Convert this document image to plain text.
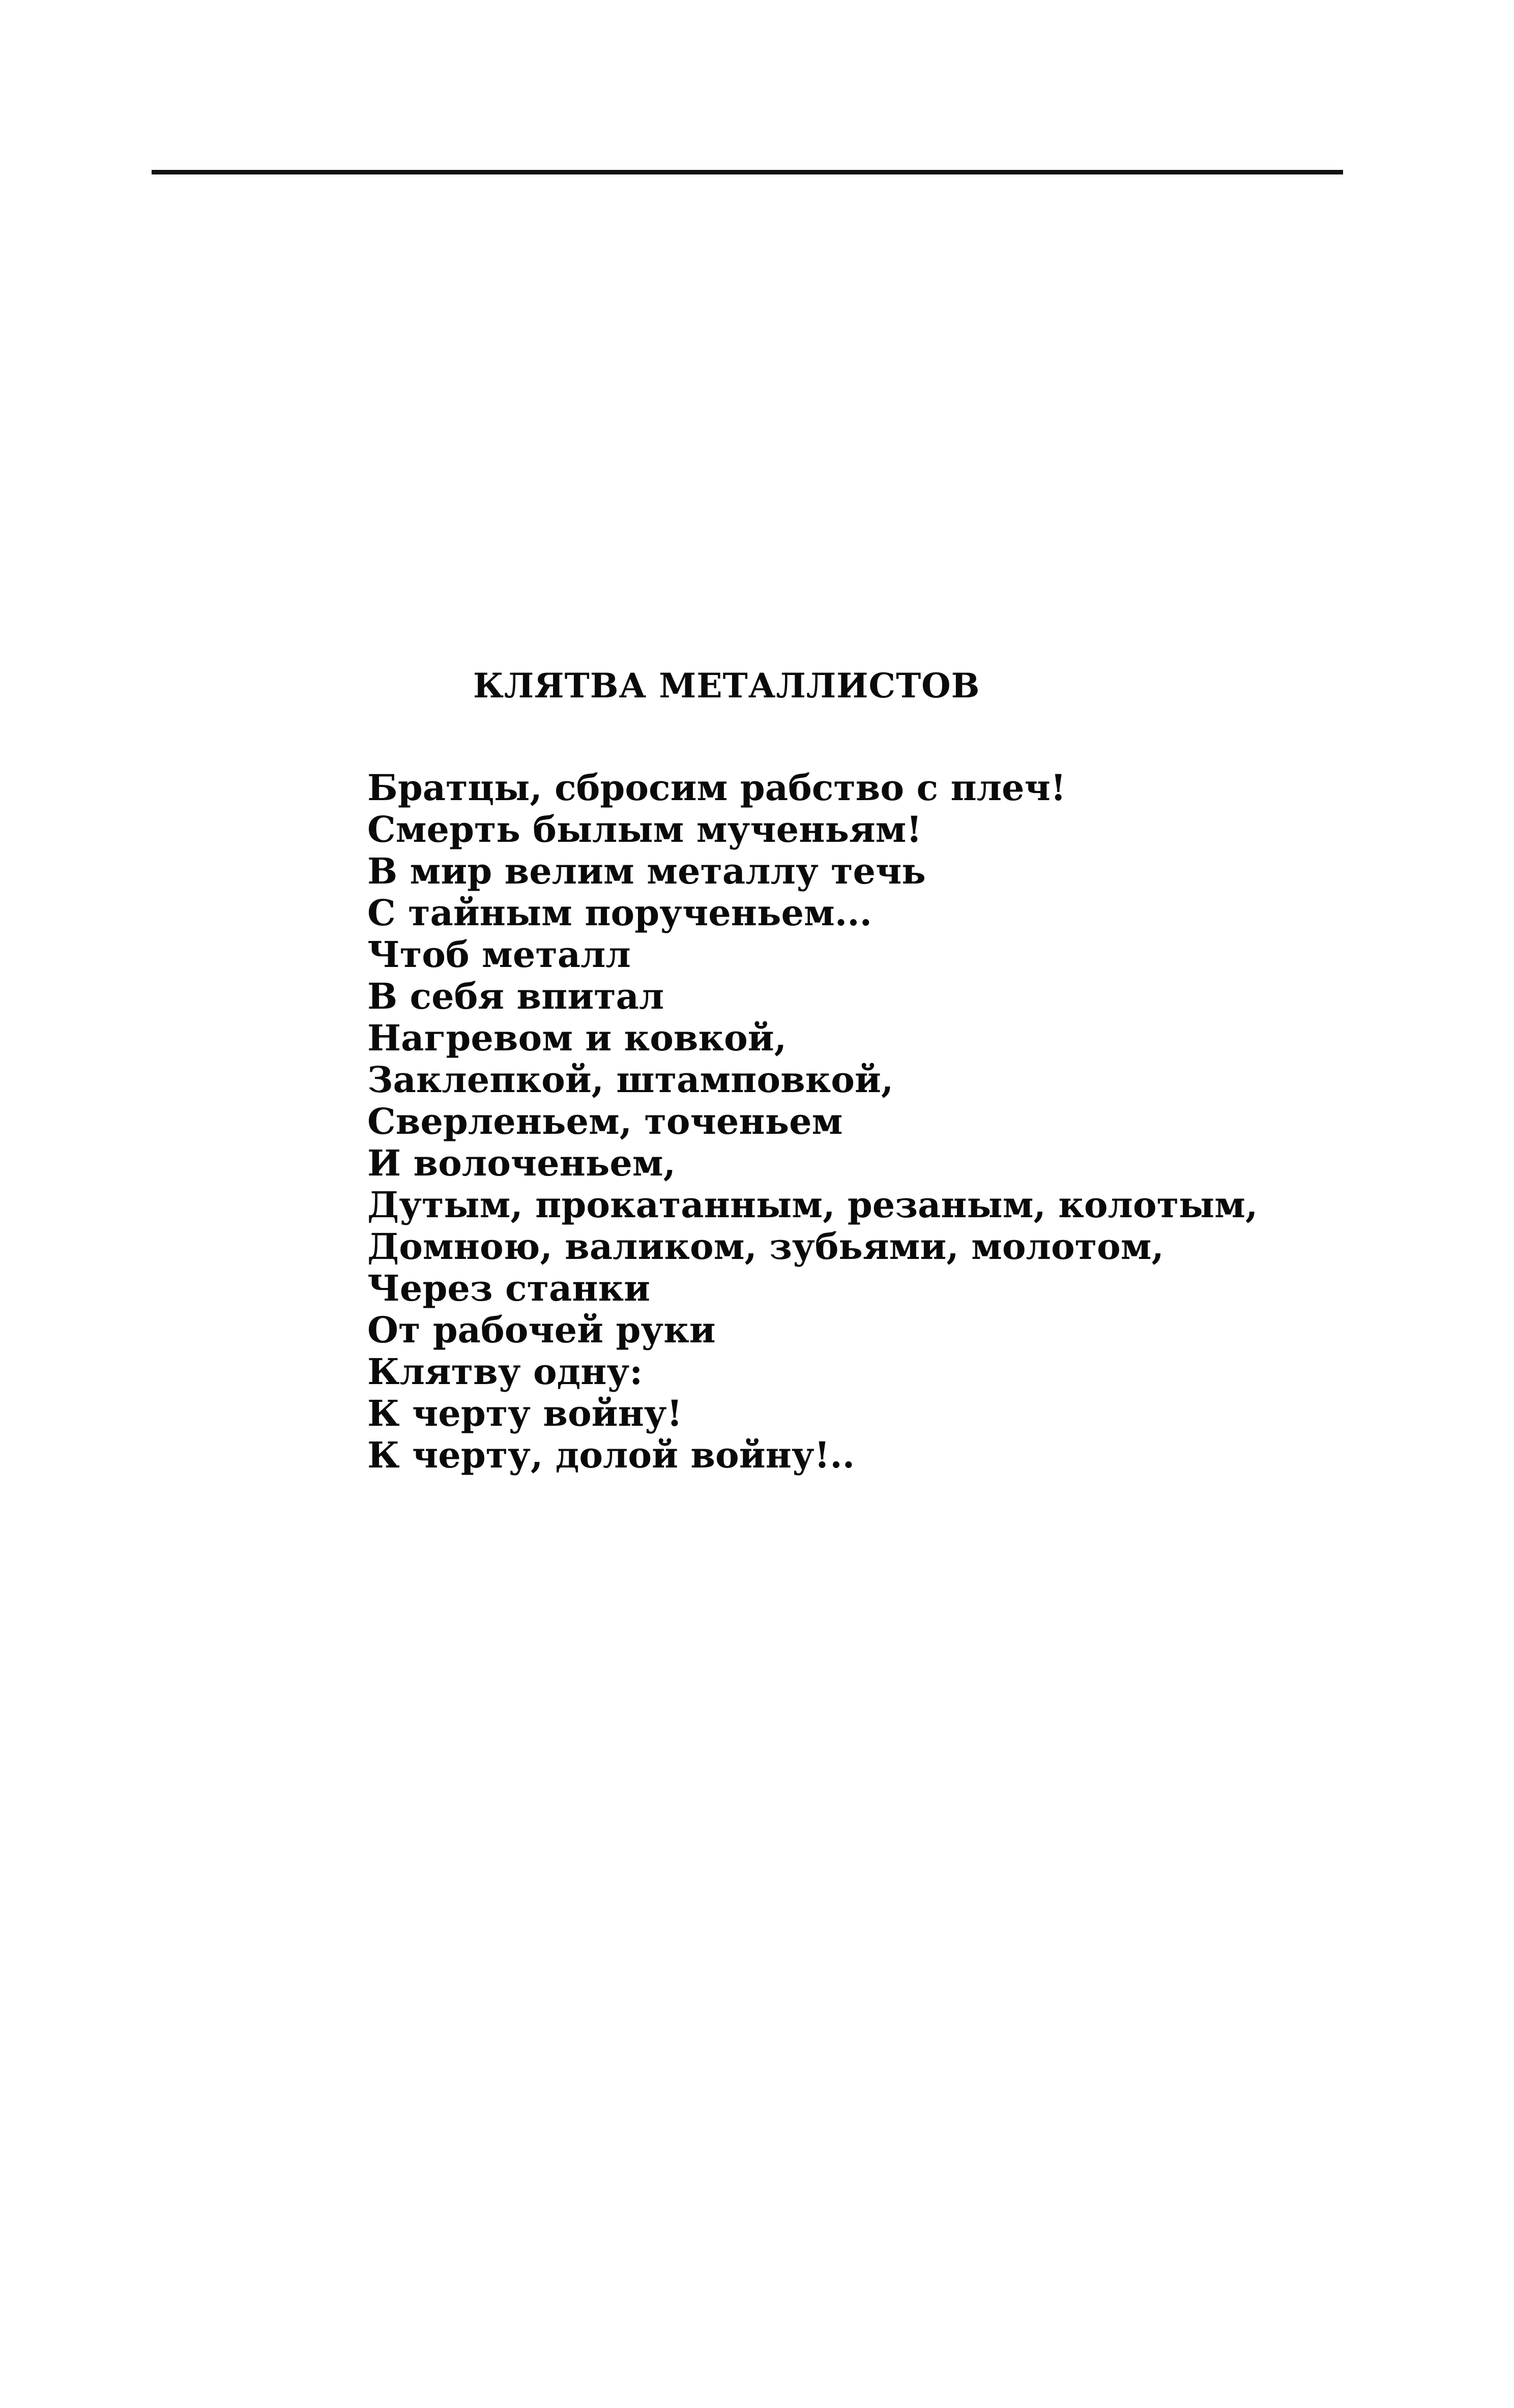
КЛЯТВА МЕТАЛЛИСТОВ
Братцы, сбросим рабство с плеч!
Смерть былым мученьям!
В мир велим металлу течь
С тайным порученьем...
Чтоб металл
В себя впитал
Нагревом и ковкой,
Заклепкой, штамповкой,
Сверленьем, точеньем
И волоченьем,
Дутым, прокатанным, резаным, колотым,
Домною, валиком, зубьями, молотом,
Через станки
От рабочей руки
Клятву одну:
К черту войну!
К черту, долой войну!..
